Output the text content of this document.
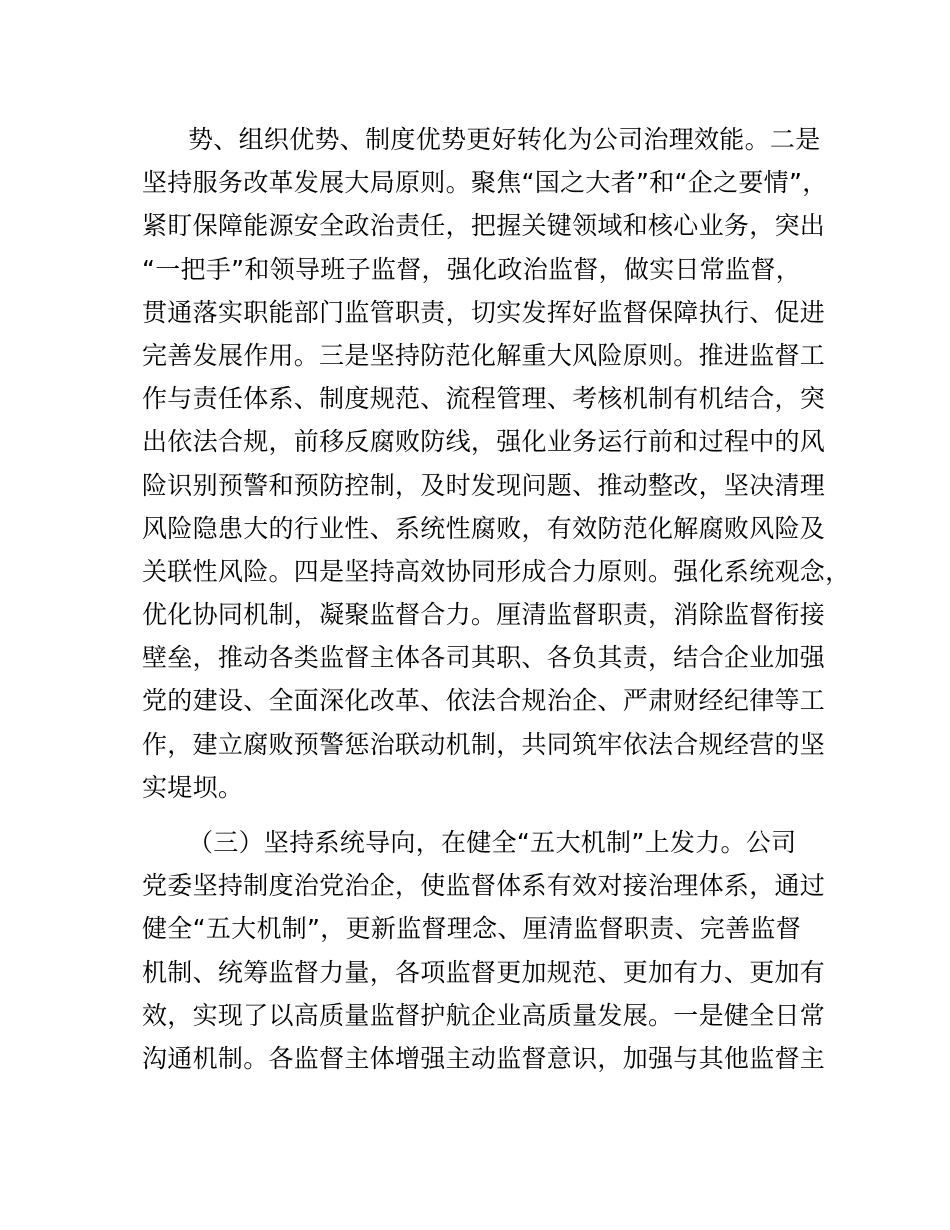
势、组织优势、制度优势更好转化为公司治理效能。二是
坚持服务改革发展大局原则。聚焦“国之大者”和“企之要情”，
紧盯保障能源安全政治责任，把握关键领域和核心业务，突出
“一把手”和领导班子监督，强化政治监督，做实日常监督，
贯通落实职能部门监管职责，切实发挥好监督保障执行、促进
完善发展作用。三是坚持防范化解重大风险原则。推进监督工
作与责任体系、制度规范、流程管理、考核机制有机结合，突
出依法合规，前移反腐败防线，强化业务运行前和过程中的风
险识别预警和预防控制，及时发现问题、推动整改，坚决清理
风险隐患大的行业性、系统性腐败，有效防范化解腐败风险及
关联性风险。四是坚持高效协同形成合力原则。强化系统观念，
优化协同机制，凝聚监督合力。厘清监督职责，消除监督衔接
壁垒，推动各类监督主体各司其职、各负其责，结合企业加强
党的建设、全面深化改革、依法合规治企、严肃财经纪律等工
作，建立腐败预警惩治联动机制，共同筑牢依法合规经营的坚
实堤坝。
（三）坚持系统导向，在健全“五大机制”上发力。公司
党委坚持制度治党治企，使监督体系有效对接治理体系，通过
健全“五大机制”，更新监督理念、厘清监督职责、完善监督
机制、统筹监督力量，各项监督更加规范、更加有力、更加有
效，实现了以高质量监督护航企业高质量发展。一是健全日常
沟通机制。各监督主体增强主动监督意识，加强与其他监督主
